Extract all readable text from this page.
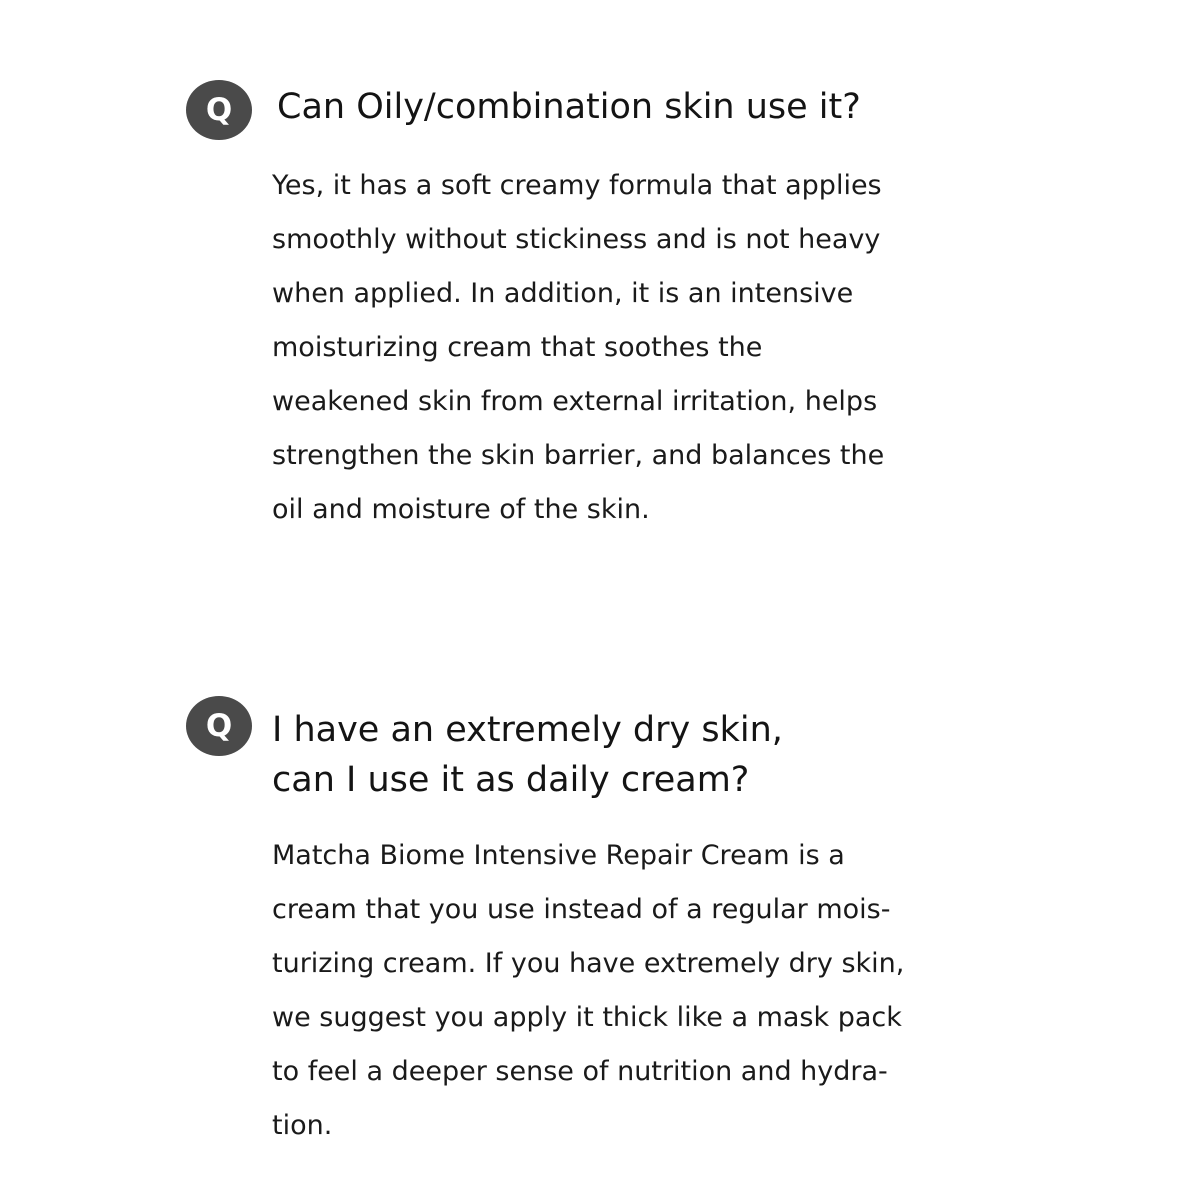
Q	Can Oily/combination skin use it?

Yes, it has a soft creamy formula that applies
smoothly without stickiness and is not heavy
when applied. In addition, it is an intensive
moisturizing cream that soothes the
weakened skin from external irritation, helps
strengthen the skin barrier, and balances the
oil and moisture of the skin.

Q	I have an extremely dry skin,
can I use it as daily cream?

Matcha Biome Intensive Repair Cream is a
cream that you use instead of a regular mois-
turizing cream. If you have extremely dry skin,
we suggest you apply it thick like a mask pack
to feel a deeper sense of nutrition and hydra-
tion.
